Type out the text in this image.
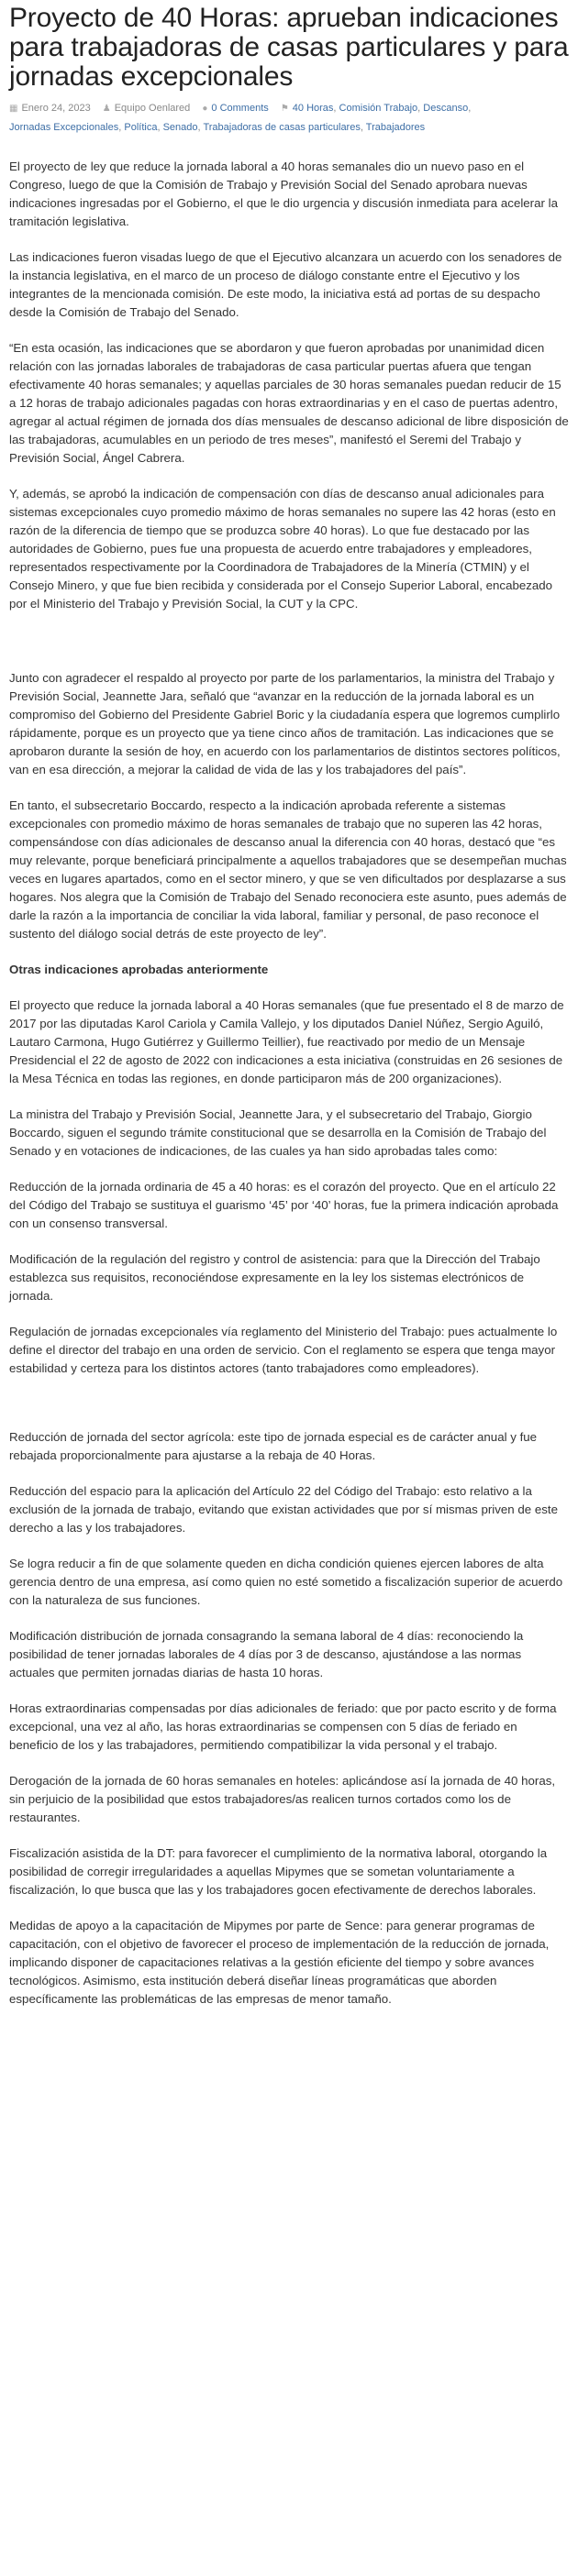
Proyecto de 40 Horas: aprueban indicaciones para trabajadoras de casas particulares y para jornadas excepcionales
▦ Enero 24, 2023 ♟ Equipo Oenlared ● 0 Comments ⚑ 40 Horas, Comisión Trabajo, Descanso,
Jornadas Excepcionales, Política, Senado, Trabajadoras de casas particulares, Trabajadores

El proyecto de ley que reduce la jornada laboral a 40 horas semanales dio un nuevo paso en el Congreso, luego de que la Comisión de Trabajo y Previsión Social del Senado aprobara nuevas indicaciones ingresadas por el Gobierno, el que le dio urgencia y discusión inmediata para acelerar la tramitación legislativa.

Las indicaciones fueron visadas luego de que el Ejecutivo alcanzara un acuerdo con los senadores de la instancia legislativa, en el marco de un proceso de diálogo constante entre el Ejecutivo y los integrantes de la mencionada comisión. De este modo, la iniciativa está ad portas de su despacho desde la Comisión de Trabajo del Senado.

“En esta ocasión, las indicaciones que se abordaron y que fueron aprobadas por unanimidad dicen relación con las jornadas laborales de trabajadoras de casa particular puertas afuera que tengan efectivamente 40 horas semanales; y aquellas parciales de 30 horas semanales puedan reducir de 15 a 12 horas de trabajo adicionales pagadas con horas extraordinarias y en el caso de puertas adentro, agregar al actual régimen de jornada dos días mensuales de descanso adicional de libre disposición de las trabajadoras, acumulables en un periodo de tres meses”, manifestó el Seremi del Trabajo y Previsión Social, Ángel Cabrera.

Y, además, se aprobó la indicación de compensación con días de descanso anual adicionales para sistemas excepcionales cuyo promedio máximo de horas semanales no supere las 42 horas (esto en razón de la diferencia de tiempo que se produzca sobre 40 horas). Lo que fue destacado por las autoridades de Gobierno, pues fue una propuesta de acuerdo entre trabajadores y empleadores, representados respectivamente por la Coordinadora de Trabajadores de la Minería (CTMIN) y el Consejo Minero, y que fue bien recibida y considerada por el Consejo Superior Laboral, encabezado por el Ministerio del Trabajo y Previsión Social, la CUT y la CPC.

Junto con agradecer el respaldo al proyecto por parte de los parlamentarios, la ministra del Trabajo y Previsión Social, Jeannette Jara, señaló que “avanzar en la reducción de la jornada laboral es un compromiso del Gobierno del Presidente Gabriel Boric y la ciudadanía espera que logremos cumplirlo rápidamente, porque es un proyecto que ya tiene cinco años de tramitación. Las indicaciones que se aprobaron durante la sesión de hoy, en acuerdo con los parlamentarios de distintos sectores políticos, van en esa dirección, a mejorar la calidad de vida de las y los trabajadores del país”.

En tanto, el subsecretario Boccardo, respecto a la indicación aprobada referente a sistemas excepcionales con promedio máximo de horas semanales de trabajo que no superen las 42 horas, compensándose con días adicionales de descanso anual la diferencia con 40 horas, destacó que “es muy relevante, porque beneficiará principalmente a aquellos trabajadores que se desempeñan muchas veces en lugares apartados, como en el sector minero, y que se ven dificultados por desplazarse a sus hogares. Nos alegra que la Comisión de Trabajo del Senado reconociera este asunto, pues además de darle la razón a la importancia de conciliar la vida laboral, familiar y personal, de paso reconoce el sustento del diálogo social detrás de este proyecto de ley”.

Otras indicaciones aprobadas anteriormente

El proyecto que reduce la jornada laboral a 40 Horas semanales (que fue presentado el 8 de marzo de 2017 por las diputadas Karol Cariola y Camila Vallejo, y los diputados Daniel Núñez, Sergio Aguiló, Lautaro Carmona, Hugo Gutiérrez y Guillermo Teillier), fue reactivado por medio de un Mensaje Presidencial el 22 de agosto de 2022 con indicaciones a esta iniciativa (construidas en 26 sesiones de la Mesa Técnica en todas las regiones, en donde participaron más de 200 organizaciones).

La ministra del Trabajo y Previsión Social, Jeannette Jara, y el subsecretario del Trabajo, Giorgio Boccardo, siguen el segundo trámite constitucional que se desarrolla en la Comisión de Trabajo del Senado y en votaciones de indicaciones, de las cuales ya han sido aprobadas tales como:

Reducción de la jornada ordinaria de 45 a 40 horas: es el corazón del proyecto. Que en el artículo 22 del Código del Trabajo se sustituya el guarismo ‘45’ por ‘40’ horas, fue la primera indicación aprobada con un consenso transversal.

Modificación de la regulación del registro y control de asistencia: para que la Dirección del Trabajo establezca sus requisitos, reconociéndose expresamente en la ley los sistemas electrónicos de jornada.

Regulación de jornadas excepcionales vía reglamento del Ministerio del Trabajo: pues actualmente lo define el director del trabajo en una orden de servicio. Con el reglamento se espera que tenga mayor estabilidad y certeza para los distintos actores (tanto trabajadores como empleadores).

Reducción de jornada del sector agrícola: este tipo de jornada especial es de carácter anual y fue rebajada proporcionalmente para ajustarse a la rebaja de 40 Horas.

Reducción del espacio para la aplicación del Artículo 22 del Código del Trabajo: esto relativo a la exclusión de la jornada de trabajo, evitando que existan actividades que por sí mismas priven de este derecho a las y los trabajadores.

Se logra reducir a fin de que solamente queden en dicha condición quienes ejercen labores de alta gerencia dentro de una empresa, así como quien no esté sometido a fiscalización superior de acuerdo con la naturaleza de sus funciones.

Modificación distribución de jornada consagrando la semana laboral de 4 días: reconociendo la posibilidad de tener jornadas laborales de 4 días por 3 de descanso, ajustándose a las normas actuales que permiten jornadas diarias de hasta 10 horas.

Horas extraordinarias compensadas por días adicionales de feriado: que por pacto escrito y de forma excepcional, una vez al año, las horas extraordinarias se compensen con 5 días de feriado en beneficio de los y las trabajadores, permitiendo compatibilizar la vida personal y el trabajo.

Derogación de la jornada de 60 horas semanales en hoteles: aplicándose así la jornada de 40 horas, sin perjuicio de la posibilidad que estos trabajadores/as realicen turnos cortados como los de restaurantes.

Fiscalización asistida de la DT: para favorecer el cumplimiento de la normativa laboral, otorgando la posibilidad de corregir irregularidades a aquellas Mipymes que se sometan voluntariamente a fiscalización, lo que busca que las y los trabajadores gocen efectivamente de derechos laborales.

Medidas de apoyo a la capacitación de Mipymes por parte de Sence: para generar programas de capacitación, con el objetivo de favorecer el proceso de implementación de la reducción de jornada, implicando disponer de capacitaciones relativas a la gestión eficiente del tiempo y sobre avances tecnológicos. Asimismo, esta institución deberá diseñar líneas programáticas que aborden específicamente las problemáticas de las empresas de menor tamaño.
